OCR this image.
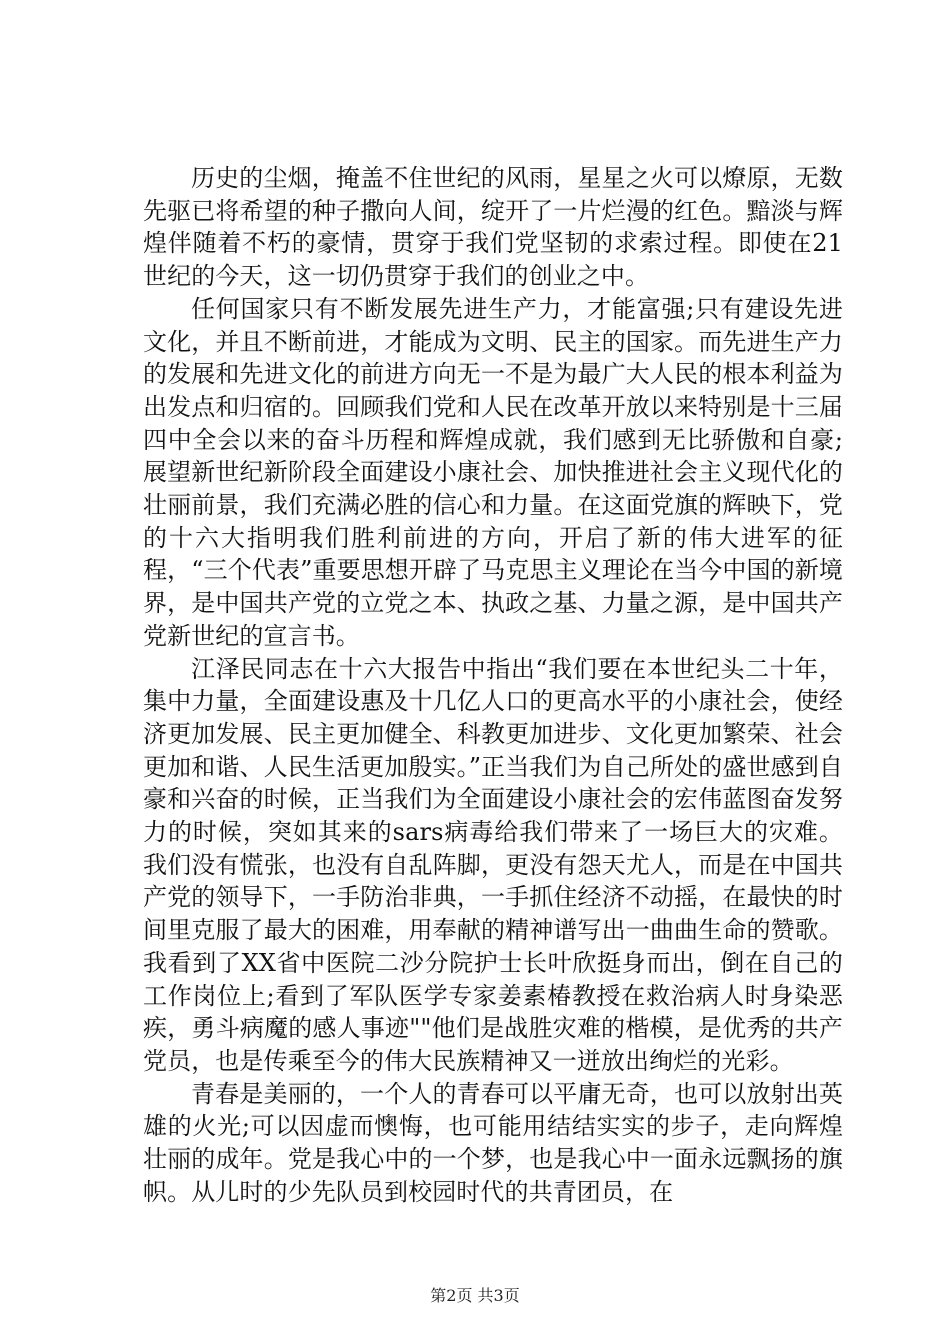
历史的尘烟，掩盖不住世纪的风雨，星星之火可以燎原，无数先驱已将希望的种子撒向人间，绽开了一片烂漫的红色。黯淡与辉煌伴随着不朽的豪情，贯穿于我们党坚韧的求索过程。即使在21世纪的今天，这一切仍贯穿于我们的创业之中。

任何国家只有不断发展先进生产力，才能富强;只有建设先进文化，并且不断前进，才能成为文明、民主的国家。而先进生产力的发展和先进文化的前进方向无一不是为最广大人民的根本利益为出发点和归宿的。回顾我们党和人民在改革开放以来特别是十三届四中全会以来的奋斗历程和辉煌成就，我们感到无比骄傲和自豪;展望新世纪新阶段全面建设小康社会、加快推进社会主义现代化的壮丽前景，我们充满必胜的信心和力量。在这面党旗的辉映下，党的十六大指明我们胜利前进的方向，开启了新的伟大进军的征程，“三个代表”重要思想开辟了马克思主义理论在当今中国的新境界，是中国共产党的立党之本、执政之基、力量之源，是中国共产党新世纪的宣言书。

江泽民同志在十六大报告中指出“我们要在本世纪头二十年，集中力量，全面建设惠及十几亿人口的更高水平的小康社会，使经济更加发展、民主更加健全、科教更加进步、文化更加繁荣、社会更加和谐、人民生活更加殷实。”正当我们为自己所处的盛世感到自豪和兴奋的时候，正当我们为全面建设小康社会的宏伟蓝图奋发努力的时候，突如其来的sars病毒给我们带来了一场巨大的灾难。我们没有慌张，也没有自乱阵脚，更没有怨天尤人，而是在中国共产党的领导下，一手防治非典，一手抓住经济不动摇，在最快的时间里克服了最大的困难，用奉献的精神谱写出一曲曲生命的赞歌。我看到了XX省中医院二沙分院护士长叶欣挺身而出，倒在自己的工作岗位上;看到了军队医学专家姜素椿教授在救治病人时身染恶疾，勇斗病魔的感人事迹""他们是战胜灾难的楷模，是优秀的共产党员，也是传乘至今的伟大民族精神又一迸放出绚烂的光彩。

青春是美丽的，一个人的青春可以平庸无奇，也可以放射出英雄的火光;可以因虚而懊悔，也可能用结结实实的步子，走向辉煌壮丽的成年。党是我心中的一个梦，也是我心中一面永远飘扬的旗帜。从儿时的少先队员到校园时代的共青团员，在

第2页 共3页
